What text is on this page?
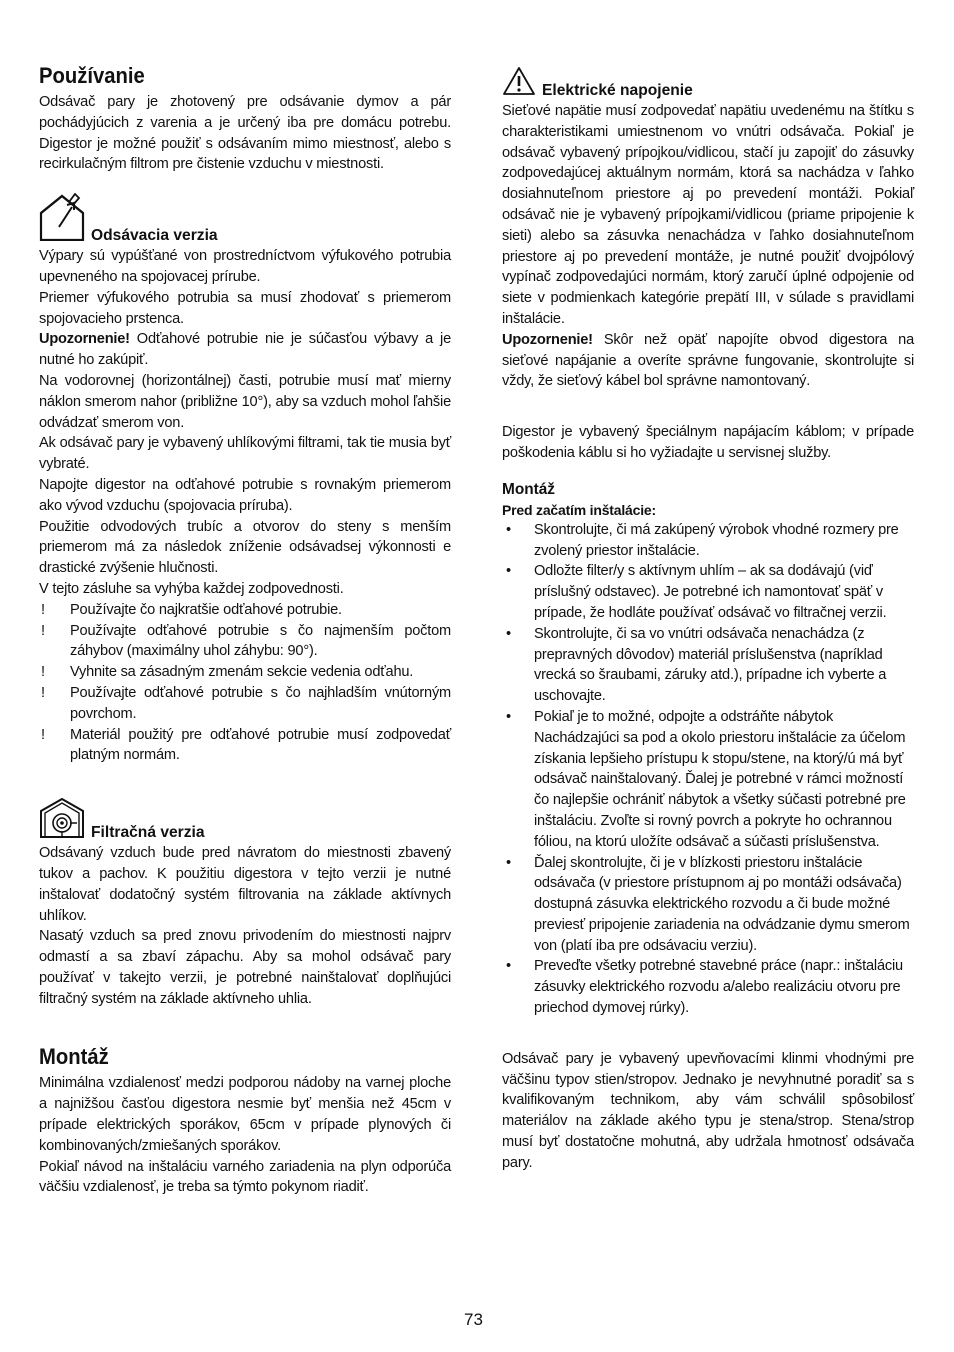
Používanie

Odsávač pary je zhotovený pre odsávanie dymov a pár pochádyjúcich z varenia a je určený iba pre domácu potrebu. Digestor je možné použiť s odsávaním mimo miestnosť, alebo s recirkulačným filtrom pre čistenie vzduchu v miestnosti.

Odsávacia verzia

Výpary sú vypúšťané von prostredníctvom výfukového potrubia upevneného na spojovacej prírube.

Priemer výfukového potrubia sa musí zhodovať s priemerom spojovacieho prstenca.

Upozornenie! Odťahové potrubie nie je súčasťou výbavy a je nutné ho zakúpiť.

Na vodorovnej (horizontálnej) časti, potrubie musí mať mierny náklon smerom nahor (približne 10°), aby sa vzduch mohol ľahšie odvádzať smerom von.

Ak odsávač pary je vybavený uhlíkovými filtrami, tak tie musia byť vybraté.

Napojte digestor na odťahové potrubie s rovnakým priemerom ako vývod vzduchu (spojovacia príruba).

Použitie odvodových trubíc a otvorov do steny s menším priemerom má za následok zníženie odsávadsej výkonnosti e drastické zvýšenie hlučnosti.

V tejto zásluhe sa vyhýba každej zodpovednosti.

! Používajte čo najkratšie odťahové potrubie.
! Používajte odťahové potrubie s čo najmenším počtom záhybov (maximálny uhol záhybu: 90°).
! Vyhnite sa zásadným zmenám sekcie vedenia odťahu.
! Používajte odťahové potrubie s čo najhladším vnútorným povrchom.
! Materiál použitý pre odťahové potrubie musí zodpovedať platným normám.
Filtračná verzia

Odsávaný vzduch bude pred návratom do miestnosti zbavený tukov a pachov. K použitiu digestora v tejto verzii je nutné inštalovať dodatočný systém filtrovania na základe aktívnych uhlíkov.

Nasatý vzduch sa pred znovu privodením do miestnosti najprv odmastí a sa zbaví zápachu. Aby sa mohol odsávač pary používať v takejto verzii, je potrebné nainštalovať doplňujúci filtračný systém na základe aktívneho uhlia.

Montáž

Minimálna vzdialenosť medzi podporou nádoby na varnej ploche a najnižšou časťou digestora nesmie byť menšia než 45cm v prípade elektrických sporákov, 65cm v prípade plynových či kombinovaných/zmiešaných sporákov.

Pokiaľ návod na inštaláciu varného zariadenia na plyn odporúča väčšiu vzdialenosť, je treba sa týmto pokynom riadiť.

Elektrické napojenie

Sieťové napätie musí zodpovedať napätiu uvedenému na štítku s charakteristikami umiestnenom vo vnútri odsávača. Pokiaľ je odsávač vybavený prípojkou/vidlicou, stačí ju zapojiť do zásuvky zodpovedajúcej aktuálnym normám, ktorá sa nachádza v ľahko dosiahnuteľnom priestore aj po prevedení montáži. Pokiaľ odsávač nie je vybavený prípojkami/vidlicou (priame pripojenie k sieti) alebo sa zásuvka nenachádza v ľahko dosiahnuteľnom priestore aj po prevedení montáže, je nutné použiť dvojpólový vypínač zodpovedajúci normám, ktorý zaručí úplné odpojenie od siete v podmienkach kategórie prepätí III, v súlade s pravidlami inštalácie.

Upozornenie! Skôr než opäť napojíte obvod digestora na sieťové napájanie a overíte správne fungovanie, skontrolujte si vždy, že sieťový kábel bol správne namontovaný.

Digestor je vybavený špeciálnym napájacím káblom; v prípade poškodenia káblu si ho vyžiadajte u servisnej služby.

Montáž

Pred začatím inštalácie:

• Skontrolujte, či má zakúpený výrobok vhodné rozmery pre zvolený priestor inštalácie.
• Odložte filter/y s aktívnym uhlím – ak sa dodávajú (viď príslušný odstavec). Je potrebné ich namontovať späť v prípade, že hodláte používať odsávač vo filtračnej verzii.
• Skontrolujte, či sa vo vnútri odsávača nenachádza (z prepravných dôvodov) materiál príslušenstva (napríklad vrecká so šraubami, záruky atd.), prípadne ich vyberte a uschovajte.
• Pokiaľ je to možné, odpojte a odstráňte nábytok Nachádzajúci sa pod a okolo priestoru inštalácie za účelom získania lepšieho prístupu k stopu/stene, na ktorý/ú má byť odsávač nainštalovaný. Ďalej je potrebné v rámci možností čo najlepšie ochrániť nábytok a všetky súčasti potrebné pre inštaláciu. Zvoľte si rovný povrch a pokryte ho ochrannou fóliou, na ktorú uložíte odsávač a súčasti príslušenstva.
• Ďalej skontrolujte, či je v blízkosti priestoru inštalácie odsávača (v priestore prístupnom aj po montáži odsávača) dostupná zásuvka elektrického rozvodu a či bude možné previesť pripojenie zariadenia na odvádzanie dymu smerom von (platí iba pre odsávaciu verziu).
• Preveďte všetky potrebné stavebné práce (napr.: inštaláciu zásuvky elektrického rozvodu a/alebo realizáciu otvoru pre priechod dymovej rúrky).

Odsávač pary je vybavený upevňovacími klinmi vhodnými pre väčšinu typov stien/stropov. Jednako je nevyhnutné poradiť sa s kvalifikovaným technikom, aby vám schválil spôsobilosť materiálov na základe akého typu je stena/strop. Stena/strop musí byť dostatočne mohutná, aby udržala hmotnosť odsávača pary.

73
